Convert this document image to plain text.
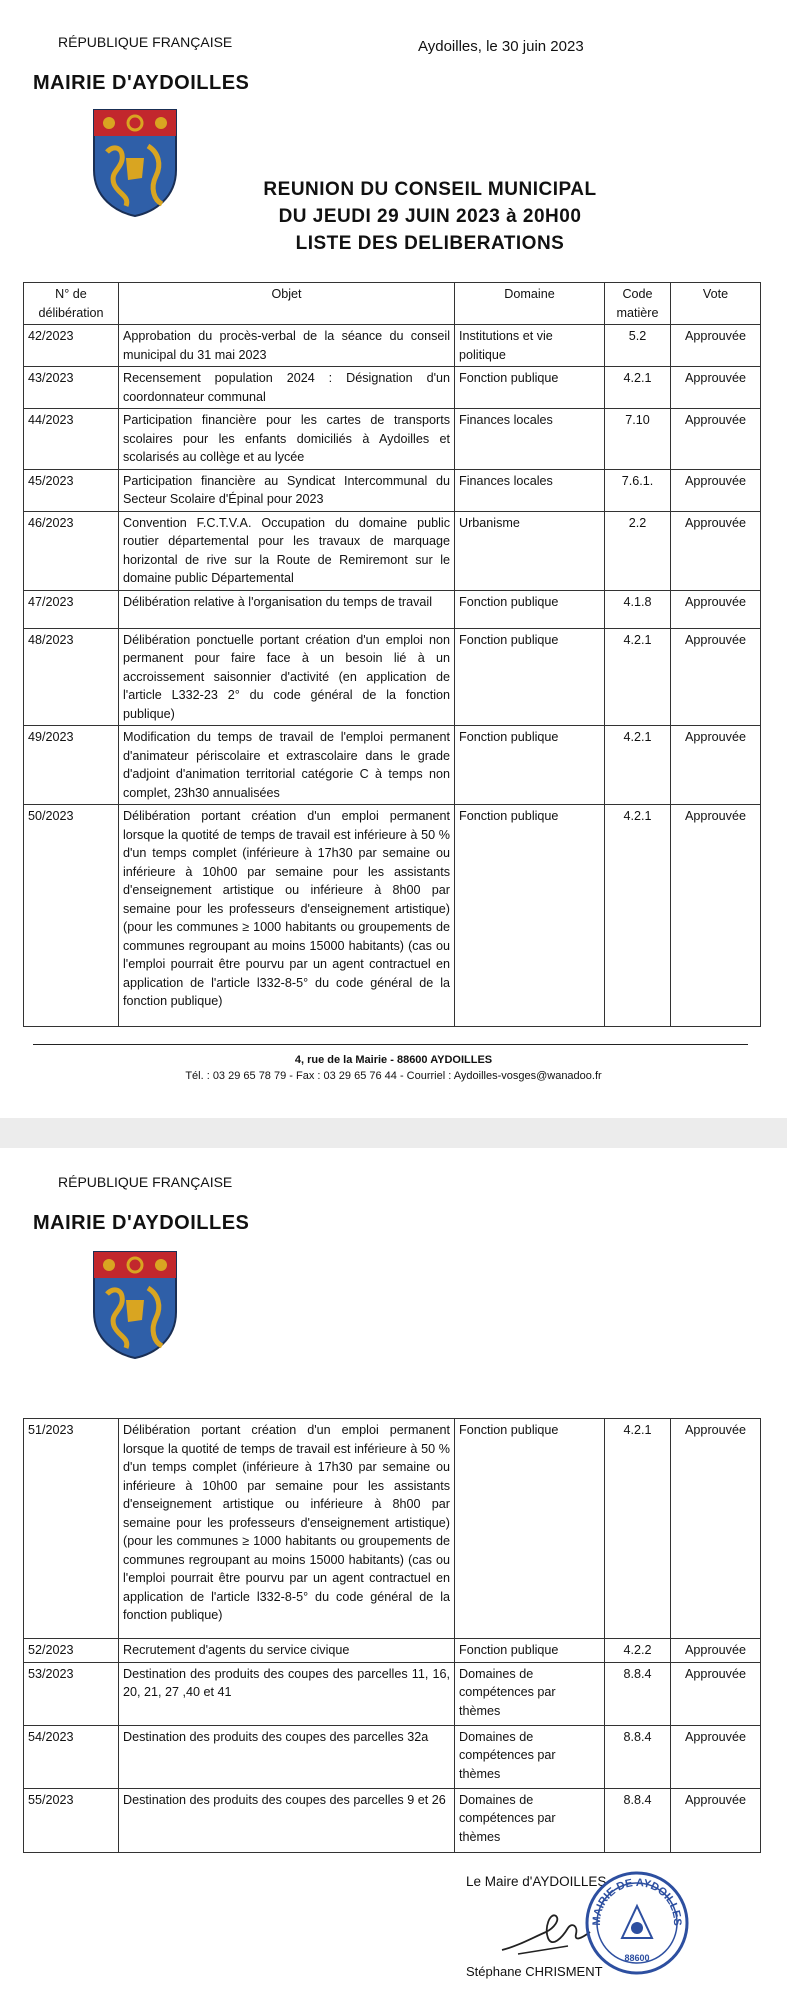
RÉPUBLIQUE FRANÇAISE	Aydoilles, le 30 juin 2023
MAIRIE D'AYDOILLES
REUNION DU CONSEIL MUNICIPAL
DU JEUDI 29 JUIN 2023 à 20H00
LISTE DES DELIBERATIONS
N° de délibération	Objet	Domaine	Code matière	Vote
42/2023	Approbation du procès-verbal de la séance du conseil municipal du 31 mai 2023	Institutions et vie politique	5.2	Approuvée
43/2023	Recensement population 2024 : Désignation d'un coordonnateur communal	Fonction publique	4.2.1	Approuvée
44/2023	Participation financière pour les cartes de transports scolaires pour les enfants domiciliés à Aydoilles et scolarisés au collège et au lycée	Finances locales	7.10	Approuvée
45/2023	Participation financière au Syndicat Intercommunal du Secteur Scolaire d'Épinal pour 2023	Finances locales	7.6.1.	Approuvée
46/2023	Convention F.C.T.V.A. Occupation du domaine public routier départemental pour les travaux de marquage horizontal de rive sur la Route de Remiremont sur le domaine public Départemental	Urbanisme	2.2	Approuvée
47/2023	Délibération relative à l'organisation du temps de travail	Fonction publique	4.1.8	Approuvée
48/2023	Délibération ponctuelle portant création d'un emploi non permanent pour faire face à un besoin lié à un accroissement saisonnier d'activité (en application de l'article L332-23 2° du code général de la fonction publique)	Fonction publique	4.2.1	Approuvée
49/2023	Modification du temps de travail de l'emploi permanent d'animateur périscolaire et extrascolaire dans le grade d'adjoint d'animation territorial catégorie C à temps non complet, 23h30 annualisées	Fonction publique	4.2.1	Approuvée
50/2023	Délibération portant création d'un emploi permanent lorsque la quotité de temps de travail est inférieure à 50 % d'un temps complet (inférieure à 17h30 par semaine ou inférieure à 10h00 par semaine pour les assistants d'enseignement artistique ou inférieure à 8h00 par semaine pour les professeurs d'enseignement artistique) (pour les communes ≥ 1000 habitants ou groupements de communes regroupant au moins 15000 habitants) (cas ou l'emploi pourrait être pourvu par un agent contractuel en application de l'article l332-8-5° du code général de la fonction publique)	Fonction publique	4.2.1	Approuvée
4, rue de la Mairie - 88600 AYDOILLES
Tél. : 03 29 65 78 79 - Fax : 03 29 65 76 44 - Courriel : Aydoilles-vosges@wanadoo.fr
RÉPUBLIQUE FRANÇAISE
MAIRIE D'AYDOILLES
51/2023	Délibération portant création d'un emploi permanent lorsque la quotité de temps de travail est inférieure à 50 % d'un temps complet (inférieure à 17h30 par semaine ou inférieure à 10h00 par semaine pour les assistants d'enseignement artistique ou inférieure à 8h00 par semaine pour les professeurs d'enseignement artistique) (pour les communes ≥ 1000 habitants ou groupements de communes regroupant au moins 15000 habitants) (cas ou l'emploi pourrait être pourvu par un agent contractuel en application de l'article l332-8-5° du code général de la fonction publique)	Fonction publique	4.2.1	Approuvée
52/2023	Recrutement d'agents du service civique	Fonction publique	4.2.2	Approuvée
53/2023	Destination des produits des coupes des parcelles 11, 16, 20, 21, 27 ,40 et 41	Domaines de compétences par thèmes	8.8.4	Approuvée
54/2023	Destination des produits des coupes des parcelles 32a	Domaines de compétences par thèmes	8.8.4	Approuvée
55/2023	Destination des produits des coupes des parcelles 9 et 26	Domaines de compétences par thèmes	8.8.4	Approuvée
Le Maire d'AYDOILLES
MAIRIE DE AYDOILLES
88600
Stéphane CHRISMENT
